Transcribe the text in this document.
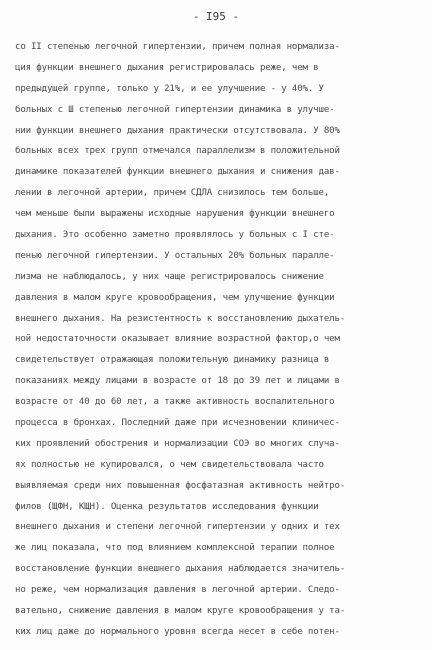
- I95 -
со II степенью легочной гипертензии, причем полная нормализа-
ция функции внешнего дыхания регистрировалась реже, чем в
предыдущей группе, только у 21%, и ее улучшение - у 40%. У
больных с Ш степенью легочной гипертензии динамика в улучше-
нии функции внешнего дыхания практически отсутствовала. У 80%
больных всех трех групп отмечался параллелизм в положительной
динамике показателей функции внешнего дыхания и снижения дав-
лении в легочной артерии, причем СДЛА снизилось тем больше,
чем меньше были выражены исходные нарушения функции внешнего
дыхания. Это особенно заметно проявлялось у больных с I сте-
пенью легочной гипертензии. У остальных 20% больных паралле-
лизма не наблюдалось, у них чаще регистрировалось снижение
давления в малом круге кровообращения, чем улучшение функции
внешнего дыхания. На резистентность к восстановлению дыхатель-
ной недостаточности оказывает влияние возрастной фактор,о чем
свидетельствует отражающая положительную динамику разница в
показаниях между лицами в возрасте от 18 до 39 лет и лицами в
возрасте от 40 до 60 лет, а также активность воспалительного
процесса в бронхах. Последний даже при исчезновении клиничес-
ких проявлений обострения и нормализации СОЭ во многих случа-
ях полностью не купировался, о чем свидетельствовала часто
выявляемая среди них повышенная фосфатазная активность нейтро-
филов (ЩФН, КЩН). Оценка результатов исследования функции
внешнего дыхания и степени легочной гипертензии у одних и тех
же лиц показала, что под влиянием комплексной терапии полное
восстановление функции внешнего дыхания наблюдается значитель-
но реже, чем нормализация давления в легочной артерии. Следо-
вательно, снижение давления в малом круге кровообращения у та-
ких лиц даже до нормального уровня всегда несет в себе потен-
